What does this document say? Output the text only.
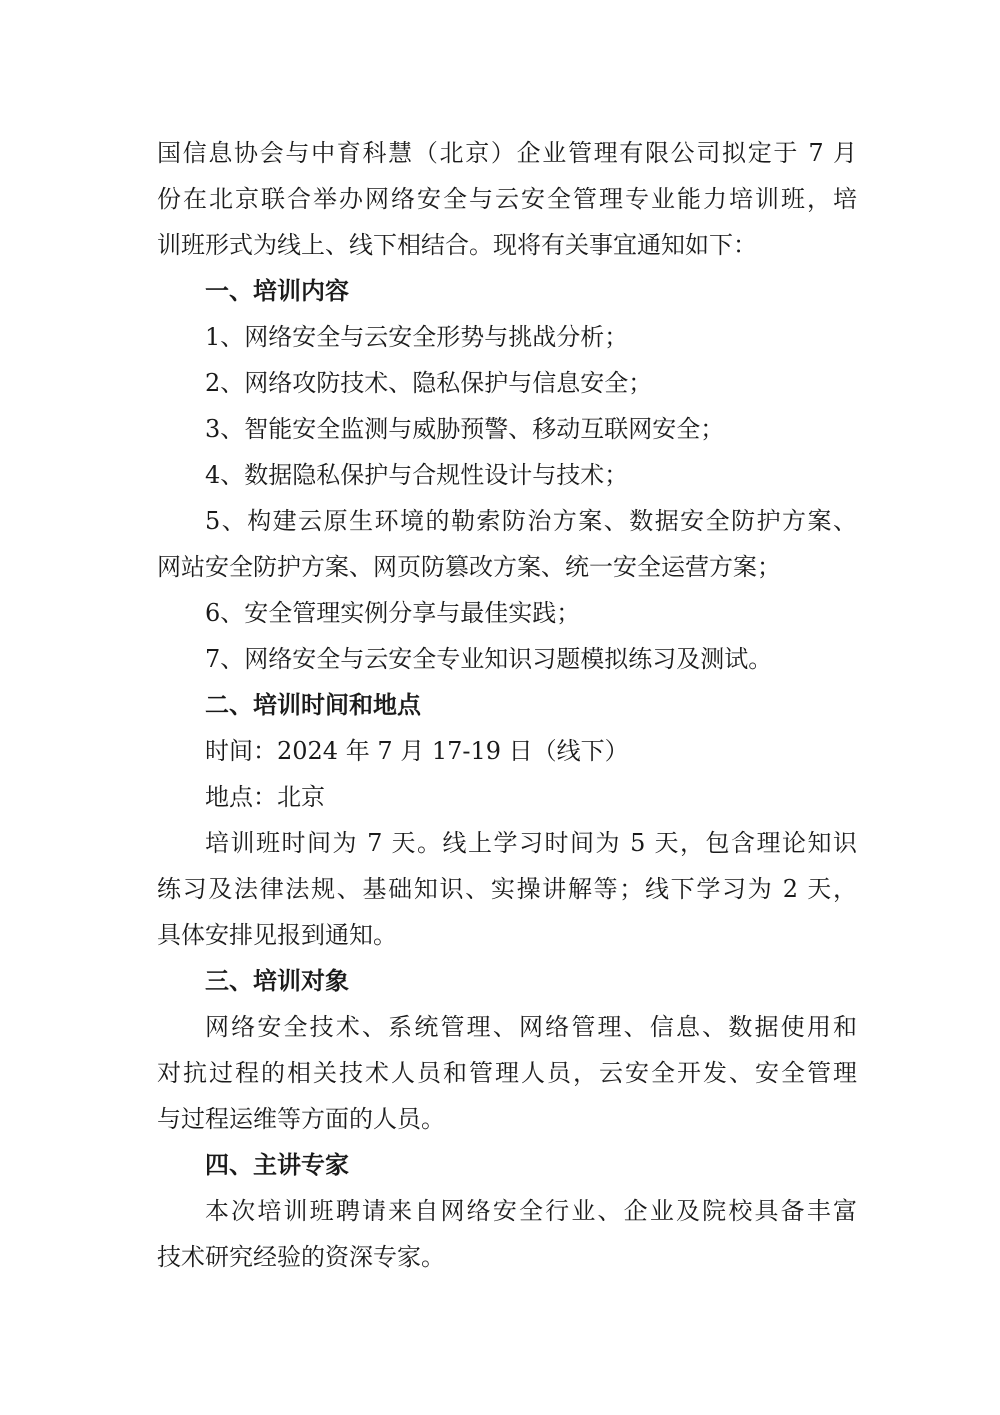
国信息协会与中育科慧（北京）企业管理有限公司拟定于 7 月
份在北京联合举办网络安全与云安全管理专业能力培训班，培
训班形式为线上、线下相结合。现将有关事宜通知如下：
一、培训内容
1、网络安全与云安全形势与挑战分析；
2、网络攻防技术、隐私保护与信息安全；
3、智能安全监测与威胁预警、移动互联网安全；
4、数据隐私保护与合规性设计与技术；
5、构建云原生环境的勒索防治方案、数据安全防护方案、
网站安全防护方案、网页防篡改方案、统一安全运营方案；
6、安全管理实例分享与最佳实践；
7、网络安全与云安全专业知识习题模拟练习及测试。
二、培训时间和地点
时间：2024 年 7 月 17-19 日（线下）
地点：北京
培训班时间为 7 天。线上学习时间为 5 天，包含理论知识
练习及法律法规、基础知识、实操讲解等；线下学习为 2 天，
具体安排见报到通知。
三、培训对象
网络安全技术、系统管理、网络管理、信息、数据使用和
对抗过程的相关技术人员和管理人员，云安全开发、安全管理
与过程运维等方面的人员。
四、主讲专家
本次培训班聘请来自网络安全行业、企业及院校具备丰富
技术研究经验的资深专家。
